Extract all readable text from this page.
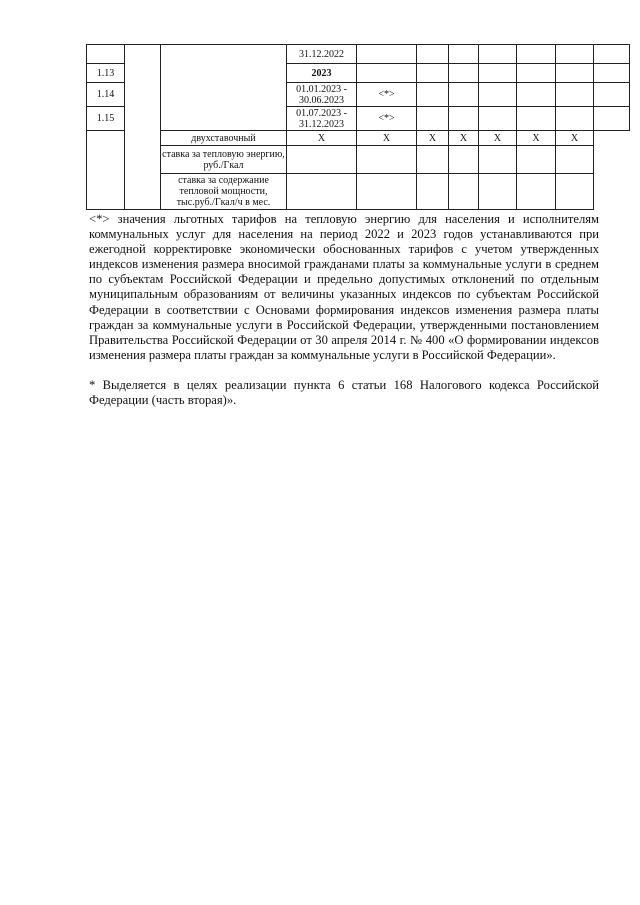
			31.12.2022							
1.13			2023							
1.14			01.01.2023 - 30.06.2023	<*>						
1.15			01.07.2023 - 31.12.2023	<*>						
		двухставочный	X	X	X	X	X	X	X	
		ставка за тепловую энергию, руб./Гкал								
		ставка за содержание тепловой мощности, тыс.руб./Гкал/ч в мес.								

<*> значения льготных тарифов на тепловую энергию для населения и исполнителям коммунальных услуг для населения на период 2022 и 2023 годов устанавливаются при ежегодной корректировке экономически обоснованных тарифов с учетом утвержденных индексов изменения размера вносимой гражданами платы за коммунальные услуги в среднем по субъектам Российской Федерации и предельно допустимых отклонений по отдельным муниципальным образованиям от величины указанных индексов по субъектам Российской Федерации в соответствии с Основами формирования индексов изменения размера платы граждан за коммунальные услуги в Российской Федерации, утвержденными постановлением Правительства Российской Федерации от 30 апреля 2014 г. № 400 «О формировании индексов изменения размера платы граждан за коммунальные услуги в Российской Федерации».

* Выделяется в целях реализации пункта 6 статьи 168 Налогового кодекса Российской Федерации (часть вторая)».
